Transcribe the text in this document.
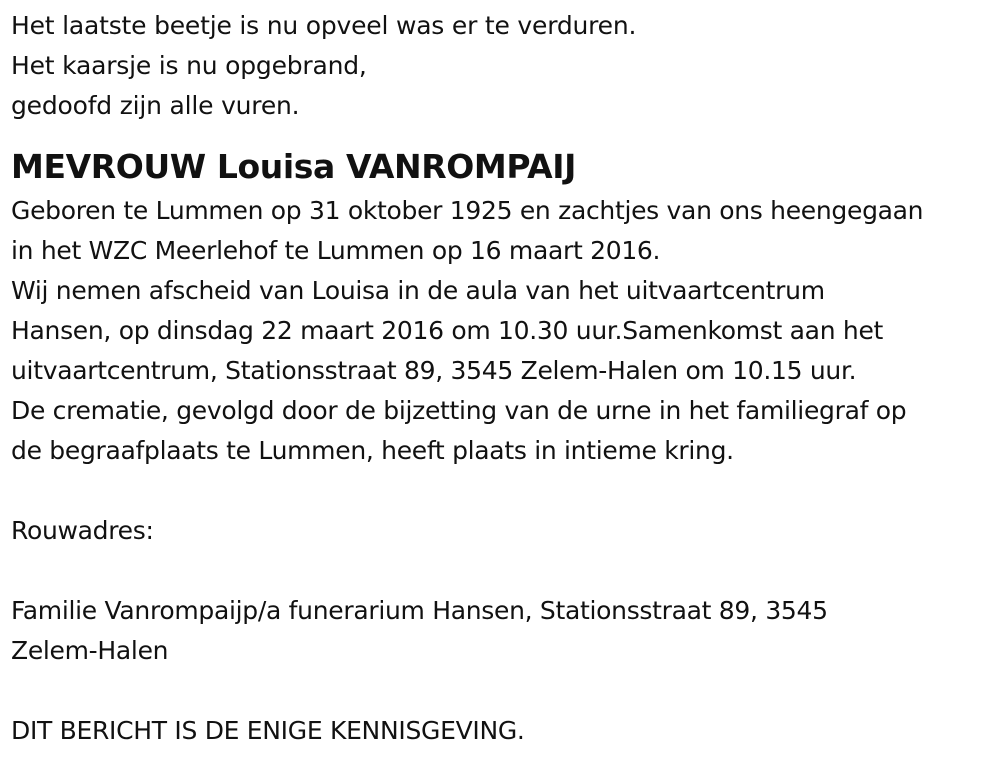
Het laatste beetje is nu opveel was er te verduren.
Het kaarsje is nu opgebrand,
gedoofd zijn alle vuren.
MEVROUW Louisa VANROMPAIJ
Geboren te Lummen op 31 oktober 1925 en zachtjes van ons heengegaan
in het WZC Meerlehof te Lummen op 16 maart 2016.
Wij nemen afscheid van Louisa in de aula van het uitvaartcentrum
Hansen, op dinsdag 22 maart 2016 om 10.30 uur.Samenkomst aan het
uitvaartcentrum, Stationsstraat 89, 3545 Zelem-Halen om 10.15 uur.
De crematie, gevolgd door de bijzetting van de urne in het familiegraf op
de begraafplaats te Lummen, heeft plaats in intieme kring.
Rouwadres:
Familie Vanrompaijp/a funerarium Hansen, Stationsstraat 89, 3545
Zelem-Halen
DIT BERICHT IS DE ENIGE KENNISGEVING.
